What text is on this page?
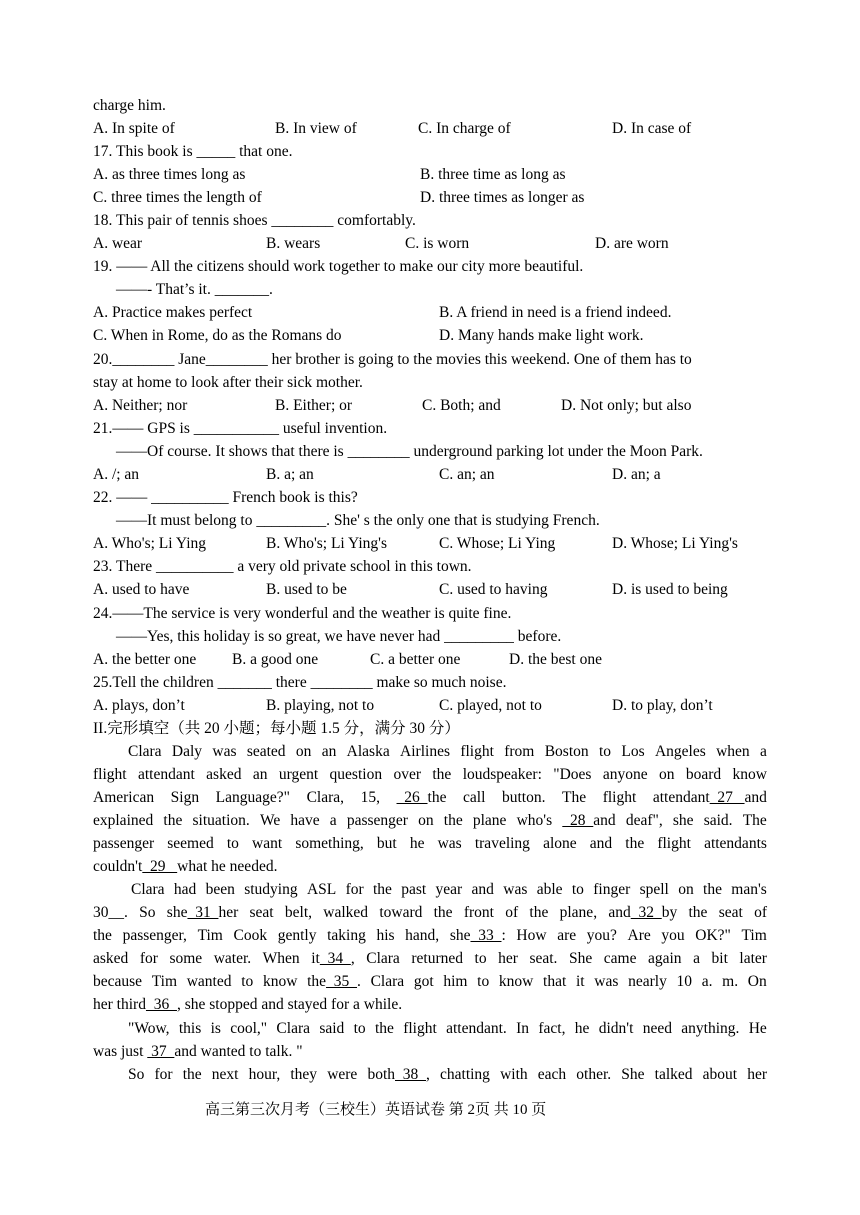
charge him.
A. In spite of	B. In view of	C. In charge of	D. In case of
17. This book is _____ that one.
A. as three times long as	B. three time as long as
C. three times the length of	D. three times as longer as
18. This pair of tennis shoes ________ comfortably.
A. wear	B. wears	C. is worn	D. are worn
19. —— All the citizens should work together to make our city more beautiful.
——- That’s it. _______.
A. Practice makes perfect	B. A friend in need is a friend indeed.
C. When in Rome, do as the Romans do	D. Many hands make light work.
20.________ Jane________ her brother is going to the movies this weekend. One of them has to
stay at home to look after their sick mother.
A. Neither; nor	B. Either; or	C. Both; and	D. Not only; but also
21.—— GPS is ___________ useful invention.
——Of course. It shows that there is ________ underground parking lot under the Moon Park.
A. /; an	B. a; an	C. an; an	D. an; a
22. —— __________ French book is this?
——It must belong to _________. She' s the only one that is studying French.
A. Who's; Li Ying	B. Who's; Li Ying's	C. Whose; Li Ying	D. Whose; Li Ying's
23. There __________ a very old private school in this town.
A. used to have	B. used to be	C. used to having	D. is used to being
24.——The service is very wonderful and the weather is quite fine.
——Yes, this holiday is so great, we have never had _________ before.
A. the better one B. a good one	C. a better one	D. the best one
25.Tell the children _______ there ________ make so much noise.
A. plays, don’t	B. playing, not to	C. played, not to	D. to play, don’t
II.完形填空（共 20 小题；每小题 1.5 分，满分 30 分）
Clara Daly was seated on an Alaska Airlines flight from Boston to Los Angeles when a
flight attendant asked an urgent question over the loudspeaker: "Does anyone on board know
American Sign Language?" Clara, 15, 26  the call button. The flight attendant  27   and
explained the situation. We have a passenger on the plane who's 28  and deaf", she said. The
passenger seemed to want something, but he was traveling alone and the flight attendants
couldn't  29   what he needed.
Clara had been studying ASL for the past year and was able to finger spell on the man's
30__. So she  31  her seat belt, walked toward the front of the plane, and  32  by the seat of
the passenger, Tim Cook gently taking his hand, she  33  : How are you? Are you OK?" Tim
asked for some water. When it  34  , Clara returned to her seat. She came again a bit later
because Tim wanted to know the  35  . Clara got him to know that it was nearly 10 a. m. On
her third  36  , she stopped and stayed for a while.
"Wow, this is cool," Clara said to the flight attendant. In fact, he didn't need anything. He
was just  37  and wanted to talk. "
So for the next hour, they were both  38  , chatting with each other. She talked about her
高三第三次月考（三校生）英语试卷 第 2页 共 10 页
